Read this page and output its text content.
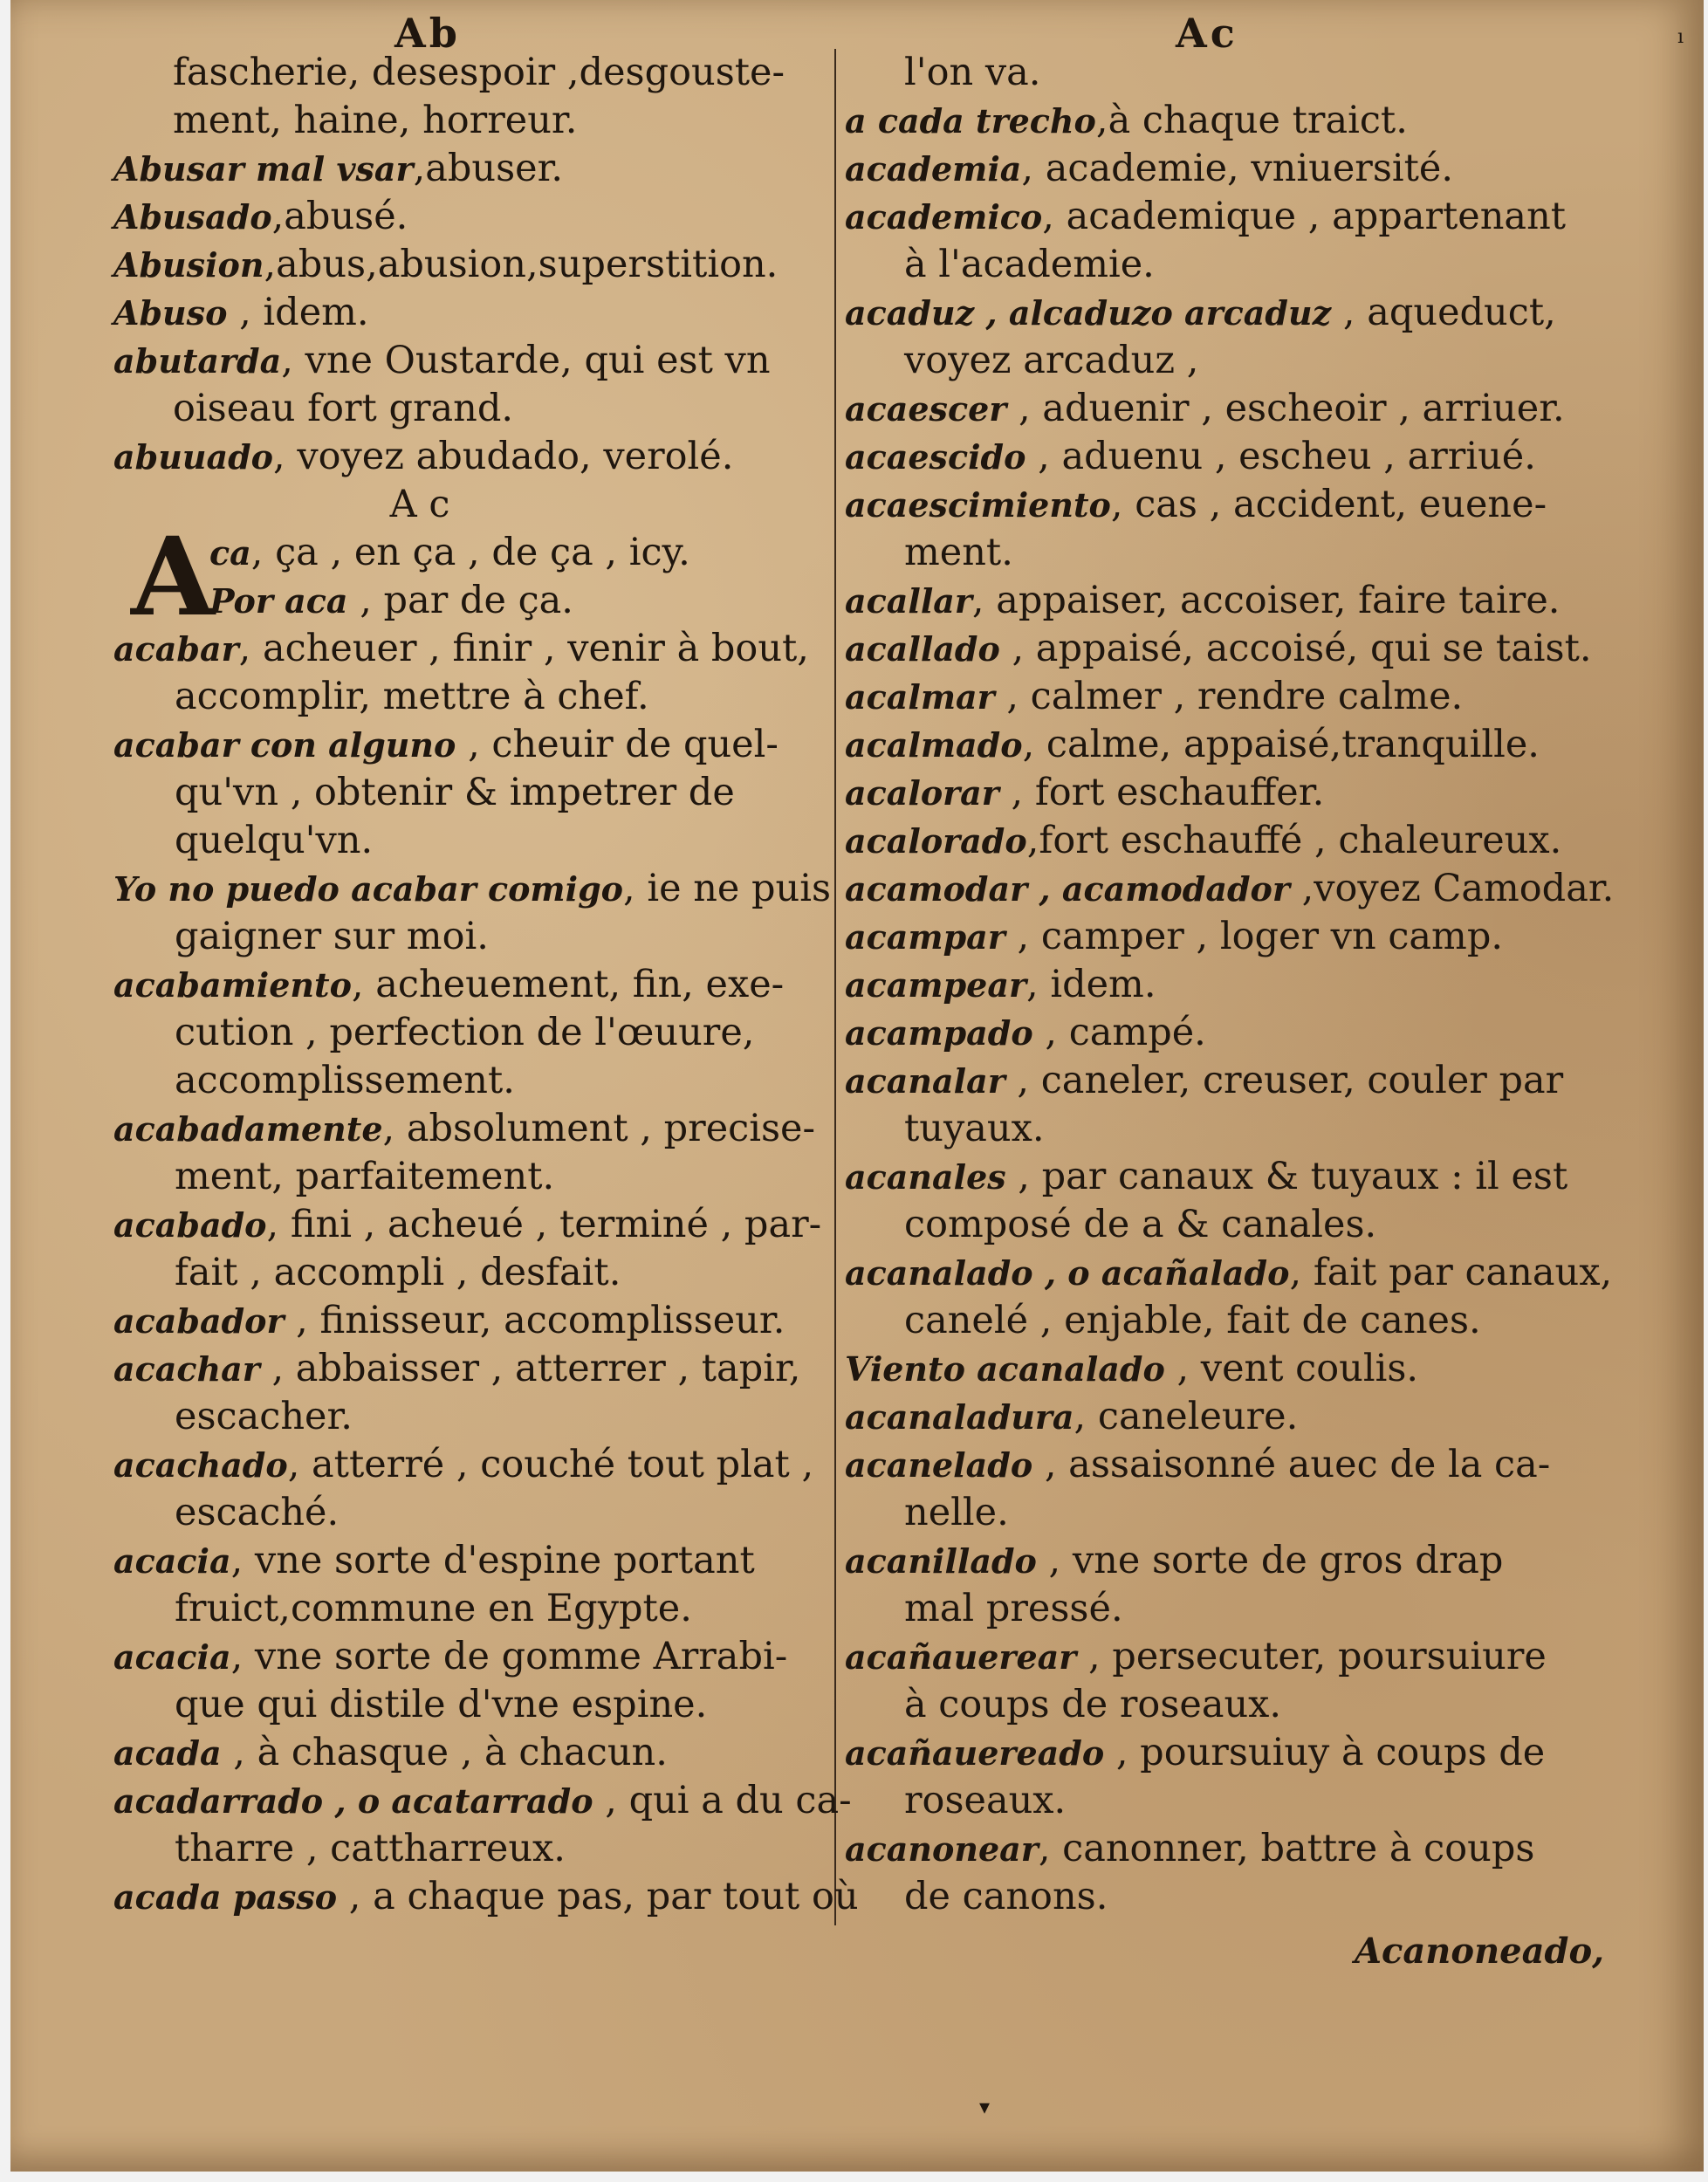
Ab	Ac	ı
fascherie, desespoir ,desgouste-
ment, haine, horreur.
Abusar mal vsar,abuser.
Abusado,abusé.
Abusion,abus,abusion,superstition.
Abuso , idem.
abutarda, vne Oustarde, qui est vn
oiseau fort grand.
abuuado, voyez abudado, verolé.
A c
A
ca, ça , en ça , de ça , icy.
Por aca , par de ça.
acabar, acheuer , finir , venir à bout,
accomplir, mettre à chef.
acabar con alguno , cheuir de quel-
qu'vn , obtenir & impetrer de
quelqu'vn.
Yo no puedo acabar comigo, ie ne puis
gaigner sur moi.
acabamiento, acheuement, fin, exe-
cution , perfection de l'œuure,
accomplissement.
acabadamente, absolument , precise-
ment, parfaitement.
acabado, fini , acheué , terminé , par-
fait , accompli , desfait.
acabador , finisseur, accomplisseur.
acachar , abbaisser , atterrer , tapir,
escacher.
acachado, atterré , couché tout plat ,
escaché.
acacia, vne sorte d'espine portant
fruict,commune en Egypte.
acacia, vne sorte de gomme Arrabi-
que qui distile d'vne espine.
acada , à chasque , à chacun.
acadarrado , o acatarrado , qui a du ca-
tharre , cattharreux.
acada passo , a chaque pas, par tout où
l'on va.
a cada trecho,à chaque traict.
academia, academie, vniuersité.
academico, academique , appartenant
à l'academie.
acaduz , alcaduzo arcaduz , aqueduct,
voyez arcaduz ,
acaescer , aduenir , escheoir , arriuer.
acaescido , aduenu , escheu , arriué.
acaescimiento, cas , accident, euene-
ment.
acallar, appaiser, accoiser, faire taire.
acallado , appaisé, accoisé, qui se taist.
acalmar , calmer , rendre calme.
acalmado, calme, appaisé,tranquille.
acalorar , fort eschauffer.
acalorado,fort eschauffé , chaleureux.
acamodar , acamodador ,voyez Camodar.
acampar , camper , loger vn camp.
acampear, idem.
acampado , campé.
acanalar , caneler, creuser, couler par
tuyaux.
acanales , par canaux & tuyaux : il est
composé de a & canales.
acanalado , o acañalado, fait par canaux,
canelé , enjable, fait de canes.
Viento acanalado , vent coulis.
acanaladura, caneleure.
acanelado , assaisonné auec de la ca-
nelle.
acanillado , vne sorte de gros drap
mal pressé.
acañauerear , persecuter, poursuiure
à coups de roseaux.
acañauereado , poursuiuy à coups de
roseaux.
acanonear, canonner, battre à coups
de canons.
Acanoneado,
▾
